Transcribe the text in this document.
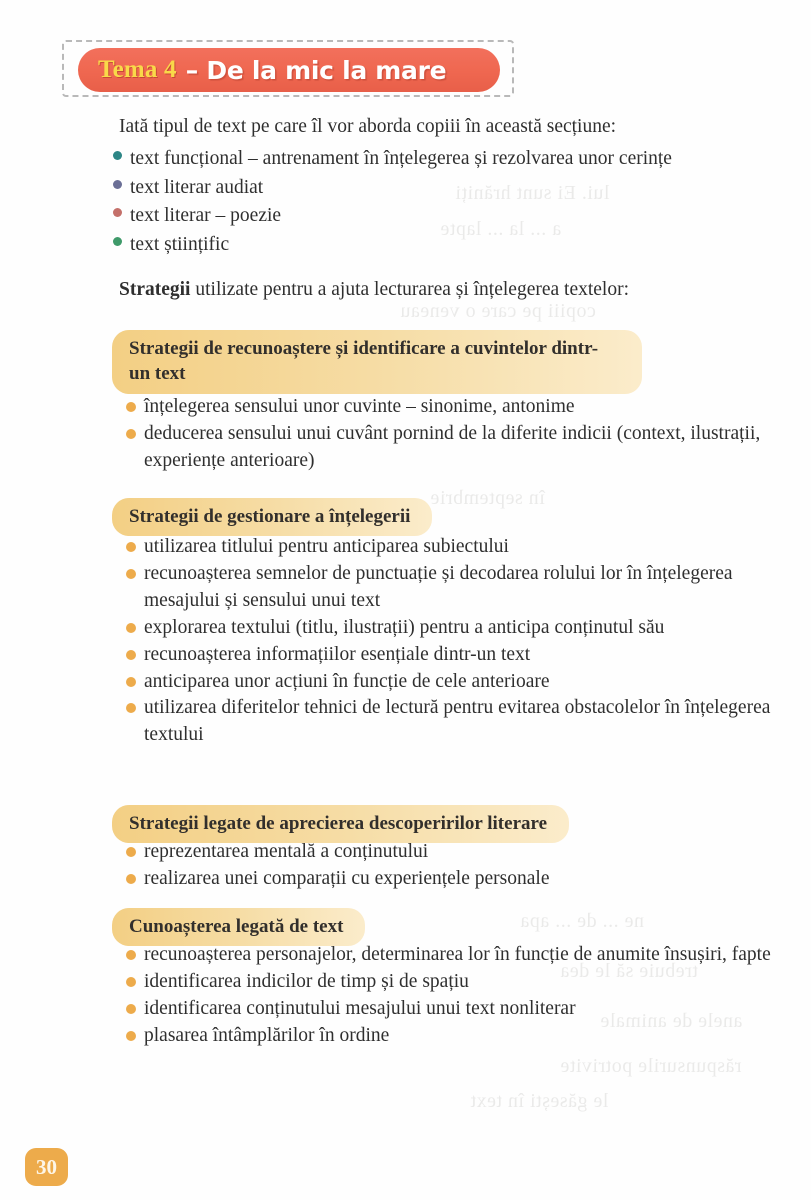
lui. Ei sunt hrăniți
a ... la ... lapte
copiii pe care o veneau
în septembrie
ne ... de ... apa
trebuie să le dea
anele de animale
răspunsurile potrivite
le găsești în text
Tema 4 – De la mic la mare
Iată tipul de text pe care îl vor aborda copiii în această secțiune:
text funcțional – antrenament în înțelegerea și rezolvarea unor cerințe
text literar audiat
text literar – poezie
text științific
Strategii utilizate pentru a ajuta lecturarea și înțelegerea textelor:
Strategii de recunoaștere și identificare a cuvintelor dintr-un text
înțelegerea sensului unor cuvinte – sinonime, antonime
deducerea sensului unui cuvânt pornind de la diferite indicii (context, ilustrații, experiențe anterioare)
Strategii de gestionare a înțelegerii
utilizarea titlului pentru anticiparea subiectului
recunoașterea semnelor de punctuație și decodarea rolului lor în înțelegerea mesajului și sensului unui text
explorarea textului (titlu, ilustrații) pentru a anticipa conținutul său
recunoașterea informațiilor esențiale dintr-un text
anticiparea unor acțiuni în funcție de cele anterioare
utilizarea diferitelor tehnici de lectură pentru evitarea obstacolelor în înțelegerea textului
Strategii legate de aprecierea descoperirilor literare
reprezentarea mentală a conținutului
realizarea unei comparații cu experiențele personale
Cunoașterea legată de text
recunoașterea personajelor, determinarea lor în funcție de anumite însușiri, fapte
identificarea indicilor de timp și de spațiu
identificarea conținutului mesajului unui text nonliterar
plasarea întâmplărilor în ordine
30
